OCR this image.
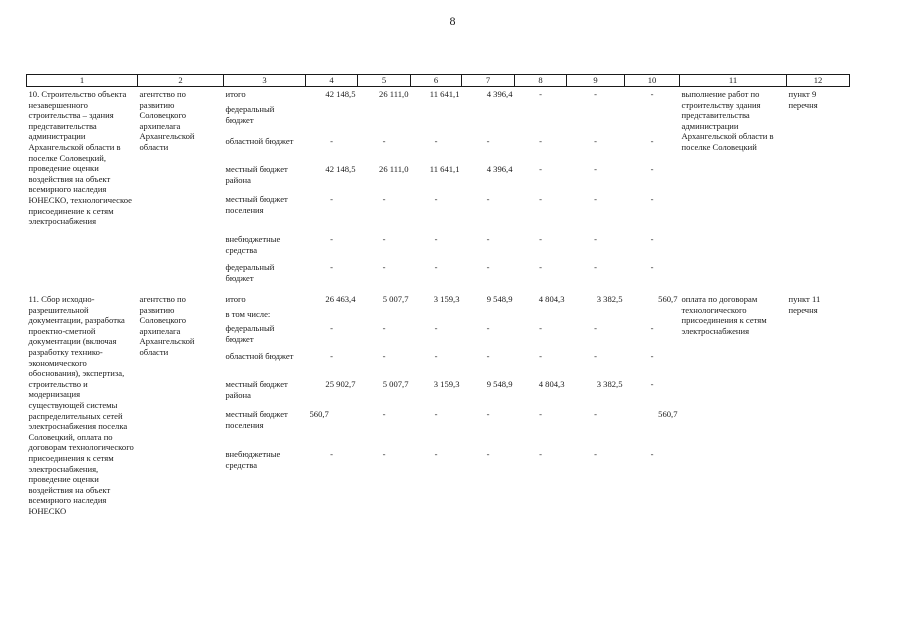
8
1	2	3	4	5	6	7	8	9	10	11	12
10. Строительство объекта незавершенного строительства – здания представительства администрации Архангельской области в поселке Соловецкий, проведение оценки воздействия на объект всемирного наследия ЮНЕСКО, технологическое присоединение к сетям электроснабжения	агентство по развитию Соловецкого архипелага Архангельской области	итого	42 148,5	26 111,0	11 641,1	4 396,4	-	-	-	выполнение работ по строительству здания представительства администрации Архангельской области в поселке Соловецкий	пункт 9 перечня
		федеральный бюджет									
		областной бюджет	-	-	-	-	-	-	-		
		местный бюджет района	42 148,5	26 111,0	11 641,1	4 396,4	-	-	-		
		местный бюджет поселения	-	-	-	-	-	-	-		
		внебюджетные средства	-	-	-	-	-	-	-		
		федеральный бюджет	-	-	-	-	-	-	-		
11. Сбор исходно-разрешительной документации, разработка проектно-сметной документации (включая разработку технико-экономического обоснования), экспертиза, строительство и модернизация существующей системы распределительных сетей электроснабжения поселка Соловецкий, оплата по договорам технологического присоединения к сетям электроснабжения, проведение оценки воздействия на объект всемирного наследия ЮНЕСКО	агентство по развитию Соловецкого архипелага Архангельской области	итого	26 463,4	5 007,7	3 159,3	9 548,9	4 804,3	3 382,5	560,7	оплата по договорам технологического присоединения к сетям электроснабжения	пункт 11 перечня
		в том числе:									
		федеральный бюджет	-	-	-	-	-	-	-		
		областной бюджет	-	-	-	-	-	-	-		
		местный бюджет района	25 902,7	5 007,7	3 159,3	9 548,9	4 804,3	3 382,5	-		
		местный бюджет поселения	560,7	-	-	-	-	-	560,7		
		внебюджетные средства	-	-	-	-	-	-	-		
